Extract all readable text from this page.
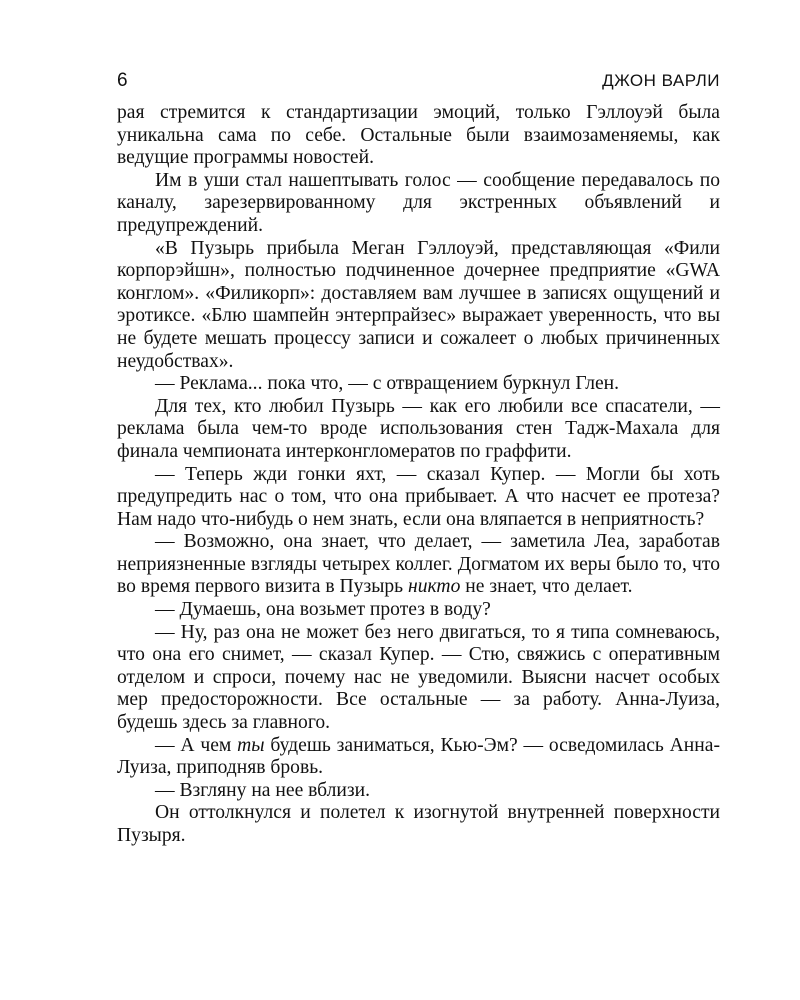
6	ДЖОН ВАРЛИ

рая стремится к стандартизации эмоций, только Гэллоуэй была уникальна сама по себе. Остальные были взаимозаменяемы, как ведущие программы новостей.

Им в уши стал нашептывать голос — сообщение передавалось по каналу, зарезервированному для экстренных объявлений и предупреждений.

«В Пузырь прибыла Меган Гэллоуэй, представляющая «Фили корпорэйшн», полностью подчиненное дочернее предприятие «GWA конглом». «Филикорп»: доставляем вам лучшее в записях ощущений и эротиксе. «Блю шампейн энтерпрайзес» выражает уверенность, что вы не будете мешать процессу записи и сожалеет о любых причиненных неудобствах».

— Реклама... пока что, — с отвращением буркнул Глен.

Для тех, кто любил Пузырь — как его любили все спасатели, — реклама была чем-то вроде использования стен Тадж-Махала для финала чемпионата интерконгломератов по граффити.

— Теперь жди гонки яхт, — сказал Купер. — Могли бы хоть предупредить нас о том, что она прибывает. А что насчет ее протеза? Нам надо что-нибудь о нем знать, если она вляпается в неприятность?

— Возможно, она знает, что делает, — заметила Леа, заработав неприязненные взгляды четырех коллег. Догматом их веры было то, что во время первого визита в Пузырь никто не знает, что делает.

— Думаешь, она возьмет протез в воду?

— Ну, раз она не может без него двигаться, то я типа сомневаюсь, что она его снимет, — сказал Купер. — Стю, свяжись с оперативным отделом и спроси, почему нас не уведомили. Выясни насчет особых мер предосторожности. Все остальные — за работу. Анна-Луиза, будешь здесь за главного.

— А чем ты будешь заниматься, Кью-Эм? — осведомилась Анна-Луиза, приподняв бровь.

— Взгляну на нее вблизи.

Он оттолкнулся и полетел к изогнутой внутренней поверхности Пузыря.
